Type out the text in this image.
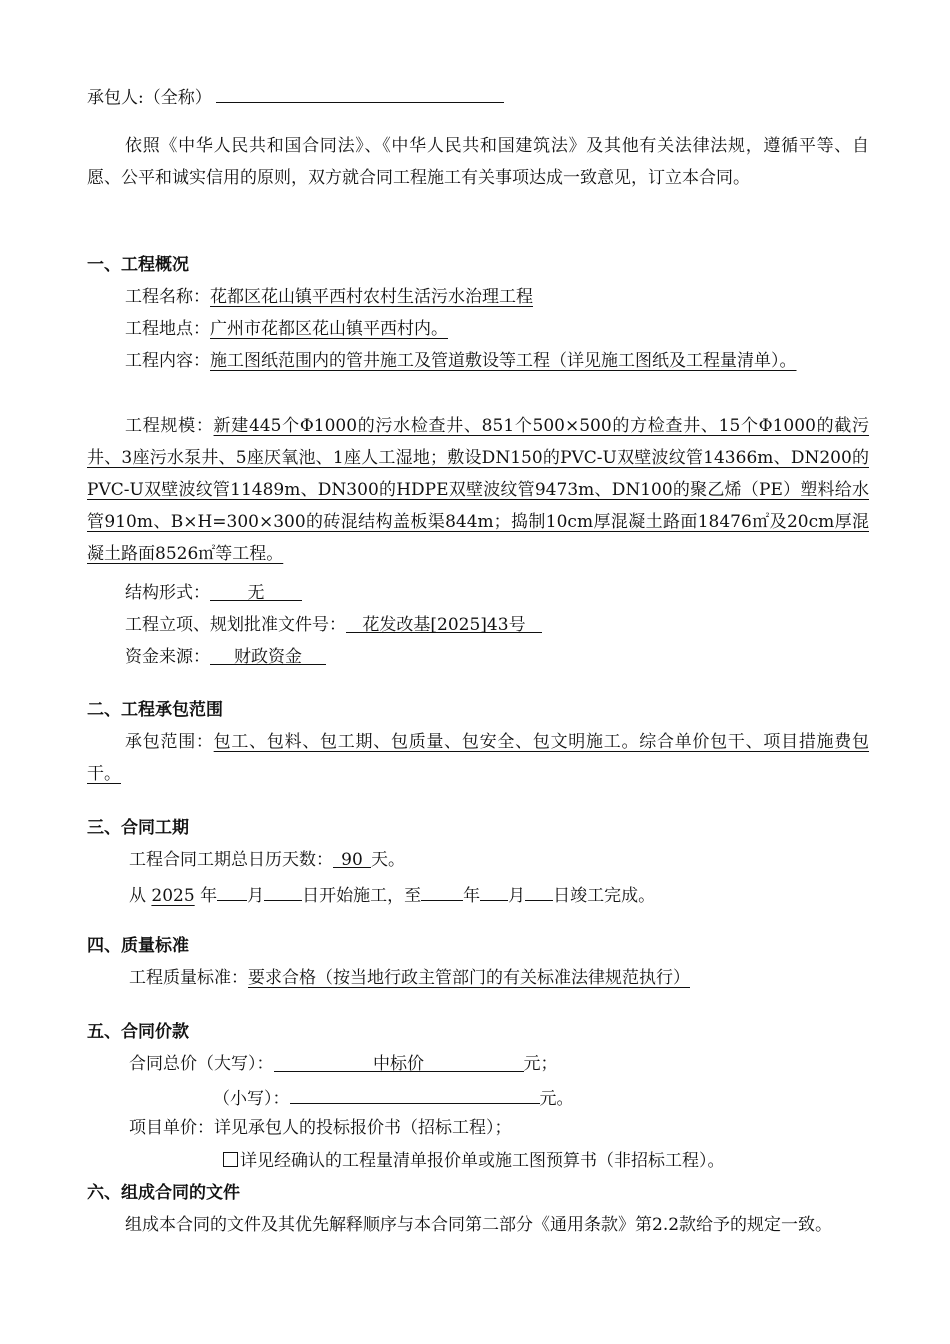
承包人:（全称）
依照《中华人民共和国合同法》、《中华人民共和国建筑法》及其他有关法律法规，遵循平等、自愿、公平和诚实信用的原则，双方就合同工程施工有关事项达成一致意见，订立本合同。
一、工程概况
工程名称：花都区花山镇平西村农村生活污水治理工程
工程地点：广州市花都区花山镇平西村内。
工程内容：施工图纸范围内的管井施工及管道敷设等工程（详见施工图纸及工程量清单）。
工程规模：新建445个Φ1000的污水检查井、851个500×500的方检查井、15个Φ1000的截污井、3座污水泵井、5座厌氧池、1座人工湿地；敷设DN150的PVC-U双壁波纹管14366m、DN200的PVC-U双壁波纹管11489m、DN300的HDPE双壁波纹管9473m、DN100的聚乙烯（PE）塑料给水管910m、B×H=300×300的砖混结构盖板渠844m；捣制10cm厚混凝土路面18476㎡及20cm厚混凝土路面8526㎡等工程。
结构形式： 无
工程立项、规划批准文件号： 花发改基[2025]43号
资金来源： 财政资金
二、工程承包范围
承包范围：包工、包料、包工期、包质量、包安全、包文明施工。综合单价包干、项目措施费包干。
三、合同工期
工程合同工期总日历天数： 90 天。
从 2025 年 月 日开始施工，至 年 月 日竣工完成。
四、质量标准
工程质量标准：要求合格（按当地行政主管部门的有关标准法律规范执行）
五、合同价款
合同总价（大写）：	中标价	元；
（小写）：	元。
项目单价：详见承包人的投标报价书（招标工程）；
详见经确认的工程量清单报价单或施工图预算书（非招标工程）。
六、组成合同的文件
组成本合同的文件及其优先解释顺序与本合同第二部分《通用条款》第2.2款给予的规定一致。
